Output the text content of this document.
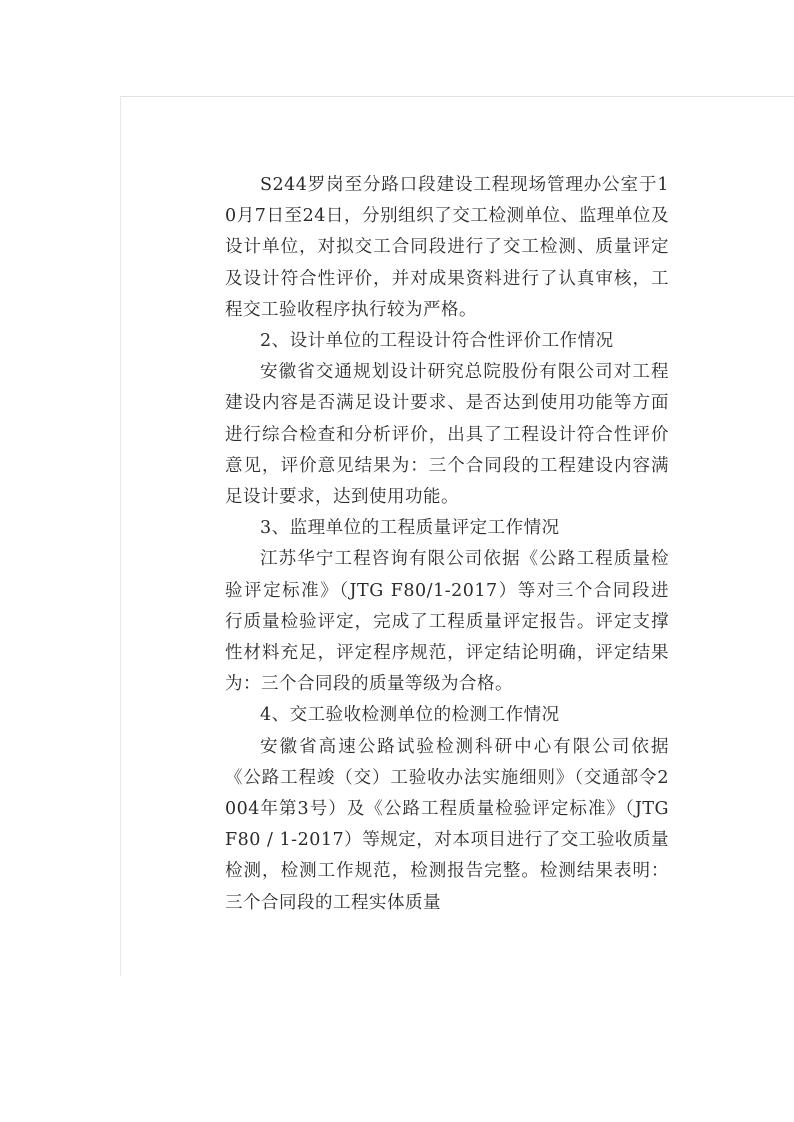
S244罗岗至分路口段建设工程现场管理办公室于10月7日至24日，分别组织了交工检测单位、监理单位及设计单位，对拟交工合同段进行了交工检测、质量评定及设计符合性评价，并对成果资料进行了认真审核，工程交工验收程序执行较为严格。

2、设计单位的工程设计符合性评价工作情况

安徽省交通规划设计研究总院股份有限公司对工程建设内容是否满足设计要求、是否达到使用功能等方面进行综合检查和分析评价，出具了工程设计符合性评价意见，评价意见结果为：三个合同段的工程建设内容满足设计要求，达到使用功能。

3、监理单位的工程质量评定工作情况

江苏华宁工程咨询有限公司依据《公路工程质量检验评定标准》（JTG F80/1-2017）等对三个合同段进行质量检验评定，完成了工程质量评定报告。评定支撑性材料充足，评定程序规范，评定结论明确，评定结果为：三个合同段的质量等级为合格。

4、交工验收检测单位的检测工作情况

安徽省高速公路试验检测科研中心有限公司依据《公路工程竣（交）工验收办法实施细则》（交通部令2004年第3号）及《公路工程质量检验评定标准》（JTG F80 / 1-2017）等规定，对本项目进行了交工验收质量检测，检测工作规范，检测报告完整。检测结果表明：三个合同段的工程实体质量
